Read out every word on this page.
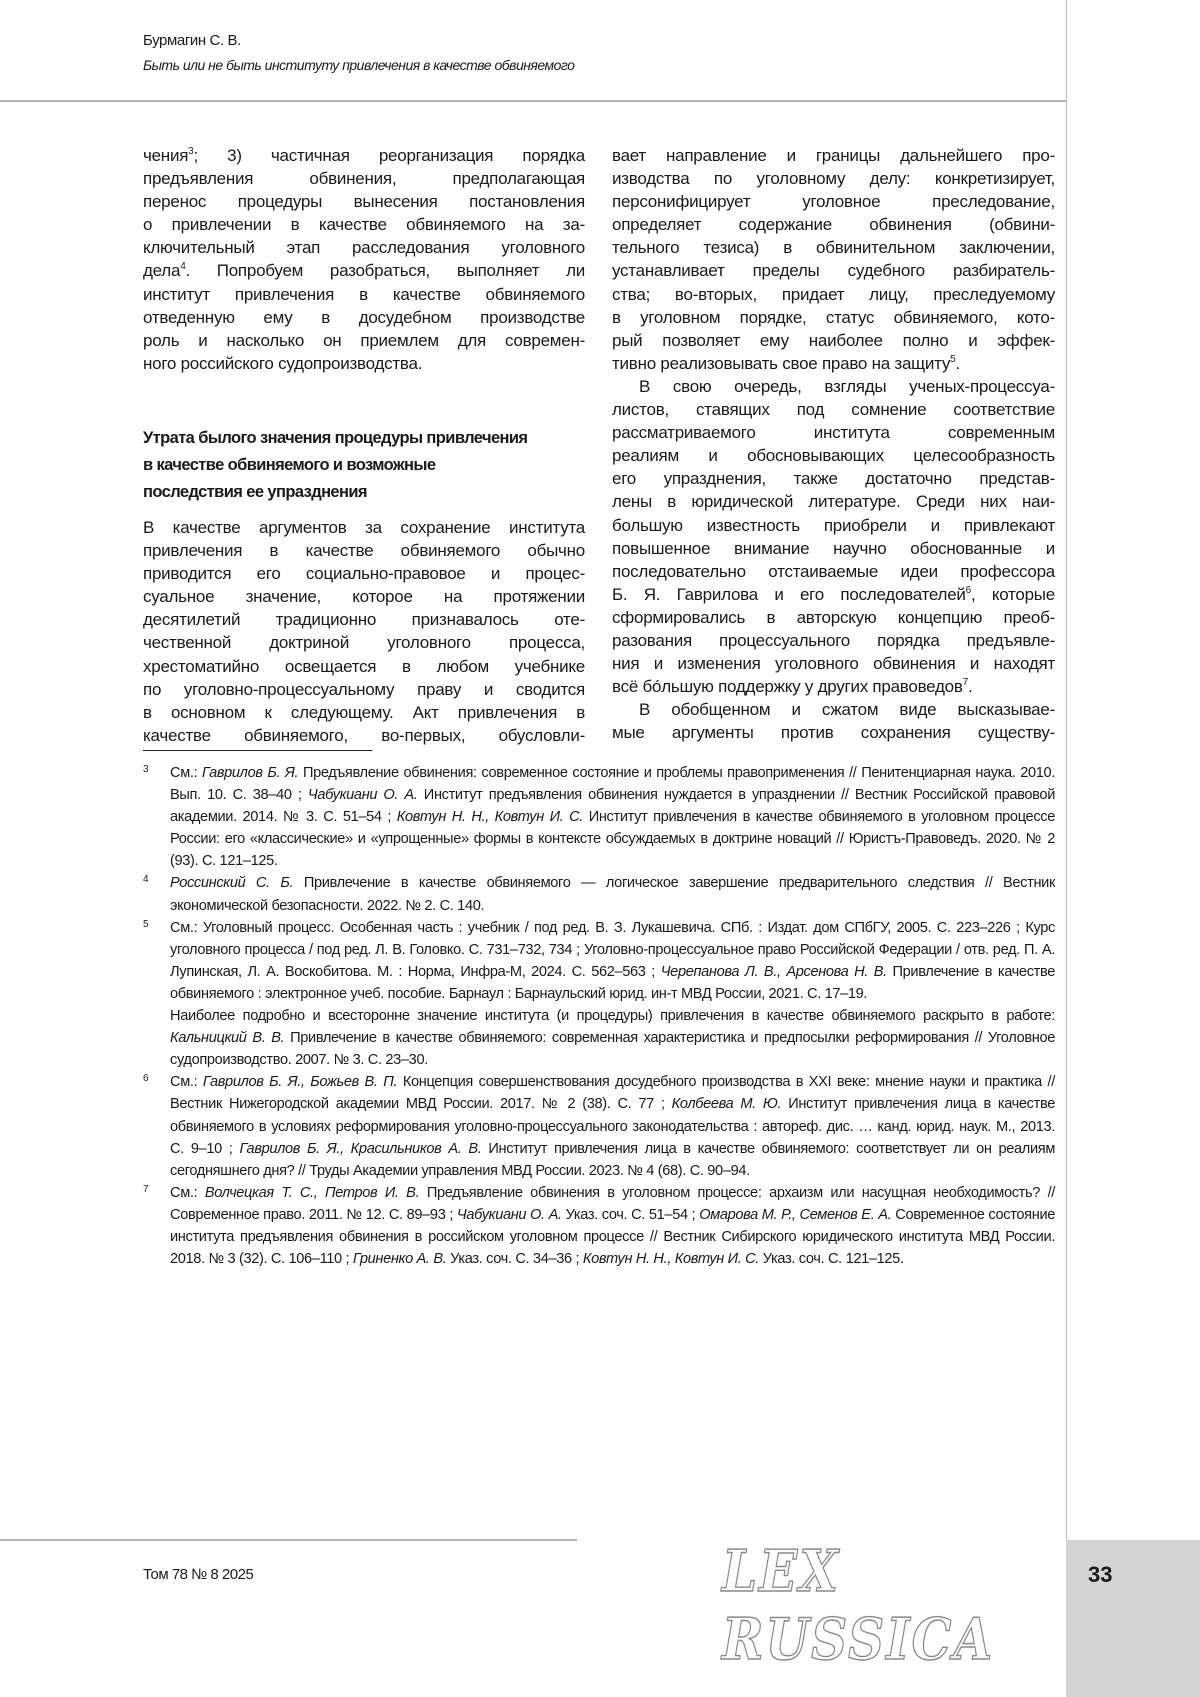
Бурмагин С. В.
Быть или не быть институту привлечения в качестве обвиняемого
чения$^3$; 3) частичная реорганизация порядка
предъявления обвинения, предполагающая
перенос процедуры вынесения постановления
о привлечении в качестве обвиняемого на за-
ключительный этап расследования уголовного
дела$^4$. Попробуем разобраться, выполняет ли
институт привлечения в качестве обвиняемого
отведенную ему в досудебном производстве
роль и насколько он приемлем для современ-
ного российского судопроизводства.
Утрата былого значения процедуры привлечения
в качестве обвиняемого и возможные
последствия ее упразднения
В качестве аргументов за сохранение института
привлечения в качестве обвиняемого обычно
приводится его социально-правовое и процес-
суальное значение, которое на протяжении
десятилетий традиционно признавалось оте-
чественной доктриной уголовного процесса,
хрестоматийно освещается в любом учебнике
по уголовно-процессуальному праву и сводится
в основном к следующему. Акт привлечения в
качестве обвиняемого, во-первых, обусловли-
вает направление и границы дальнейшего про-
изводства по уголовному делу: конкретизирует,
персонифицирует уголовное преследование,
определяет содержание обвинения (обвини-
тельного тезиса) в обвинительном заключении,
устанавливает пределы судебного разбиратель-
ства; во-вторых, придает лицу, преследуемому
в уголовном порядке, статус обвиняемого, кото-
рый позволяет ему наиболее полно и эффек-
тивно реализовывать свое право на защиту$^5$.
В свою очередь, взгляды ученых-процессуа-
листов, ставящих под сомнение соответствие
рассматриваемого института современным
реалиям и обосновывающих целесообразность
его упразднения, также достаточно представ-
лены в юридической литературе. Среди них наи-
большую известность приобрели и привлекают
повышенное внимание научно обоснованные и
последовательно отстаиваемые идеи профессора
Б. Я. Гаврилова и его последователей$^6$, которые
сформировались в авторскую концепцию преоб-
разования процессуального порядка предъявле-
ния и изменения уголовного обвинения и находят
всё бóльшую поддержку у других правоведов$^7$.
В обобщенном и сжатом виде высказывае-
мые аргументы против сохранения существу-
3 См.: Гаврилов Б. Я. Предъявление обвинения: современное состояние и проблемы правоприменения // Пенитенциарная наука. 2010. Вып. 10. С. 38–40 ; Чабукиани О. А. Институт предъявления обвинения нуждается в упразднении // Вестник Российской правовой академии. 2014. № 3. С. 51–54 ; Ковтун Н. Н., Ковтун И. С. Институт привлечения в качестве обвиняемого в уголовном процессе России: его «классические» и «упрощенные» формы в контексте обсуждаемых в доктрине новаций // Юристъ-Правоведъ. 2020. № 2 (93). С. 121–125.
4 Россинский С. Б. Привлечение в качестве обвиняемого — логическое завершение предварительного следствия // Вестник экономической безопасности. 2022. № 2. С. 140.
5 См.: Уголовный процесс. Особенная часть : учебник / под ред. В. З. Лукашевича. СПб. : Издат. дом СПбГУ, 2005. С. 223–226 ; Курс уголовного процесса / под ред. Л. В. Головко. С. 731–732, 734 ; Уголовно-процессуальное право Российской Федерации / отв. ред. П. А. Лупинская, Л. А. Воскобитова. М. : Норма, Инфра-М, 2024. С. 562–563 ; Черепанова Л. В., Арсенова Н. В. Привлечение в качестве обвиняемого : электронное учеб. пособие. Барнаул : Барнаульский юрид. ин-т МВД России, 2021. С. 17–19.
Наиболее подробно и всесторонне значение института (и процедуры) привлечения в качестве обвиняемого раскрыто в работе: Кальницкий В. В. Привлечение в качестве обвиняемого: современная характеристика и предпосылки реформирования // Уголовное судопроизводство. 2007. № 3. С. 23–30.
6 См.: Гаврилов Б. Я., Божьев В. П. Концепция совершенствования досудебного производства в XXI веке: мнение науки и практика // Вестник Нижегородской академии МВД России. 2017. № 2 (38). С. 77 ; Колбеева М. Ю. Институт привлечения лица в качестве обвиняемого в условиях реформирования уголовно-процессуального законодательства : автореф. дис. … канд. юрид. наук. М., 2013. С. 9–10 ; Гаврилов Б. Я., Красильников А. В. Институт привлечения лица в качестве обвиняемого: соответствует ли он реалиям сегодняшнего дня? // Труды Академии управления МВД России. 2023. № 4 (68). С. 90–94.
7 См.: Волчецкая Т. С., Петров И. В. Предъявление обвинения в уголовном процессе: архаизм или насущная необходимость? // Современное право. 2011. № 12. С. 89–93 ; Чабукиани О. А. Указ. соч. С. 51–54 ; Омарова М. Р., Семенов Е. А. Современное состояние института предъявления обвинения в российском уголовном процессе // Вестник Сибирского юридического института МВД России. 2018. № 3 (32). С. 106–110 ; Гриненко А. В. Указ. соч. С. 34–36 ; Ковтун Н. Н., Ковтун И. С. Указ. соч. С. 121–125.
Том 78 № 8 2025	LEX RUSSICA
33
